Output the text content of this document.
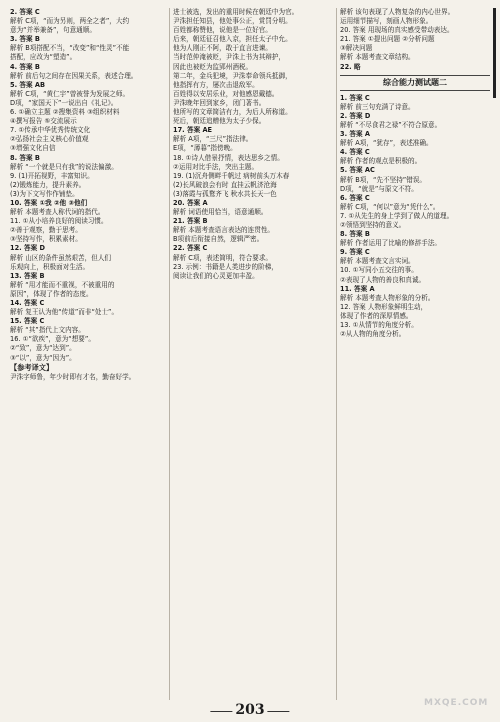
2. 答案 C
解析 C项，“而为另则，两全之者”，大约
意为“并举兼备”，句意通顺。
3. 答案 B
解析 B项搭配不当，“改变”和“性灵”不能
搭配，应改为“塑造”。
4. 答案 B
解析 前后句之间存在因果关系，表述合理。
5. 答案 AB
解析 C项，“黄仁宇”曾被誉为发展之师。
D项，“家国天下”一说出自《礼记》。
6. ①确立主题 ②搜集资料 ③组织材料
④撰写报告 ⑤交流展示
7. ①传承中华优秀传统文化
②弘扬社会主义核心价值观
③增强文化自信
8. 答案 B
解析 “一个就是只有我”的说法偏激。
9. (1)开拓视野，丰富知识。
(2)锻炼能力，提升素养。
(3)为下文写作作铺垫。
10. 答案 ①我 ②他 ③他们
解析 本题考查人称代词的指代。
11. ①从小培养良好的阅读习惯。
②善于观察，勤于思考。
③坚持写作，积累素材。
12. 答案 D
解析 山区的条件虽然艰苦，但人们
乐观向上，积极面对生活。
13. 答案 B
解析 “用才能而不重视，不被重用的
原因”，体现了作者的态度。
14. 答案 C
解析 复王认为他“传道”而非“处士”。
15. 答案 C
解析 “其”指代上文内容。
16. ①“欲疾”，意为“想要”。
②“致”，意为“达到”。
③“以”，意为“因为”。
【参考译文】
尹洙字师鲁，年少时即有才名，勤奋好学。
进士被选，发出的重用时候在朝廷中为官。
尹洙担任知县，他处事公正，赏罚分明。
百姓都称赞他，说他是一位好官。
后来，朝廷征召他入京，担任太子中允。
他为人刚正不阿，敢于直言进谏。
当时范仲淹被贬，尹洙上书为其辩护，
因此也被贬为监郢州酒税。
第二年，金兵犯境，尹洙奉命领兵抵御，
他指挥有方，屡次击退敌军。
百姓得以安居乐业，对他感恩戴德。
尹洙晚年回到家乡，闭门著书。
他所写的文章简洁有力，为后人所称道。
死后，朝廷追赠他为太子少保。
17. 答案 AE
解析 A项，“三尺”指法律。
E项，“薄暮”指傍晚。
18. ①诗人借景抒情，表达思乡之情。
②运用对比手法，突出主题。
19. (1)沉舟侧畔千帆过 病树前头万木春
(2)长风破浪会有时 直挂云帆济沧海
(3)落霞与孤鹜齐飞 秋水共长天一色
20. 答案 A
解析 词语使用恰当，语意通顺。
21. 答案 B
解析 本题考查语言表达的连贯性。
B项前后衔接自然，逻辑严密。
22. 答案 C
解析 C项，表述简明，符合要求。
23. 示例：书籍是人类进步的阶梯，
阅读让我们的心灵更加丰盈。
解析 该句表现了人物复杂的内心世界。
运用细节描写，刻画人物形象。
20. 答案 用现场的真实感受带动表达。
21. 答案 ①提出问题 ②分析问题
③解决问题
解析 本题考查文章结构。
22. 略
综合能力测试题二
1. 答案 C
解析 前三句充满了诗意。
2. 答案 D
解析 “不尽食君之禄”不符合原意。
3. 答案 A
解析 A项，“犹存”，表述准确。
4. 答案 C
解析 作者的观点是积极的。
5. 答案 AC
解析 B项，“先不坚持”错误。
D项，“就是”与原文不符。
6. 答案 C
解析 C项，“何以”意为“凭什么”。
7. ①从先生的身上学到了做人的道理。
②领悟到坚持的意义。
8. 答案 B
解析 作者运用了比喻的修辞手法。
9. 答案 C
解析 本题考查文言实词。
10. ①写同小五交往的事。
②表现了人物的善良和真诚。
11. 答案 A
解析 本题考查人物形象的分析。
12. 答案 人物形象鲜明生动，
体现了作者的深厚情感。
13. ①从情节的角度分析。
②从人物的角度分析。
203	MXQE.COM
